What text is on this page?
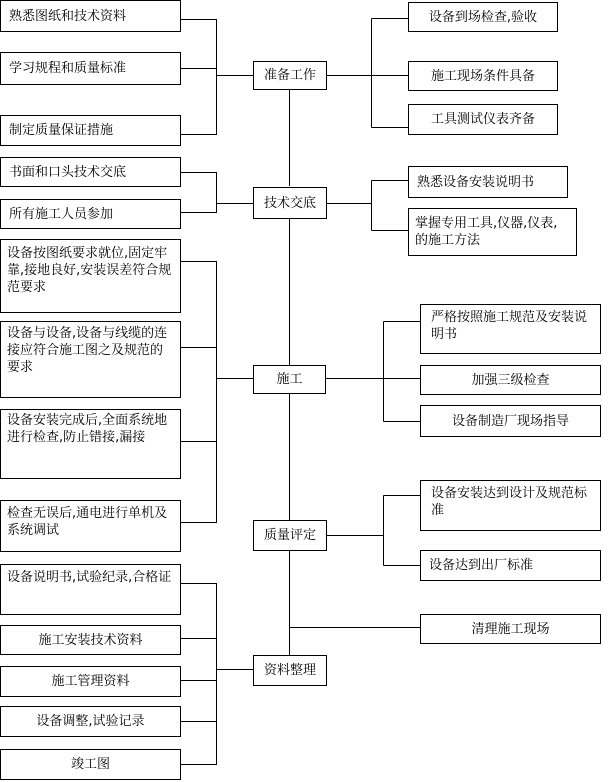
准备工作
熟悉图纸和技术资料
学习规程和质量标准
制定质量保证措施
设备到场检查,验收
施工现场条件具备
工具测试仪表齐备
技术交底
书面和口头技术交底
所有施工人员参加
熟悉设备安装说明书
掌握专用工具,仪器,仪表,的施工方法
施工
设备按图纸要求就位,固定牢靠,接地良好,安装误差符合规范要求
设备与设备,设备与线缆的连接应符合施工图之及规范的要求
设备安装完成后,全面系统地进行检查,防止错接,漏接
检查无误后,通电进行单机及系统调试
严格按照施工规范及安装说明书
加强三级检查
设备制造厂现场指导
质量评定
设备安装达到设计及规范标准
设备达到出厂标准
清理施工现场
资料整理
设备说明书,试验纪录,合格证
施工安装技术资料
施工管理资料
设备调整,试验记录
竣工图
